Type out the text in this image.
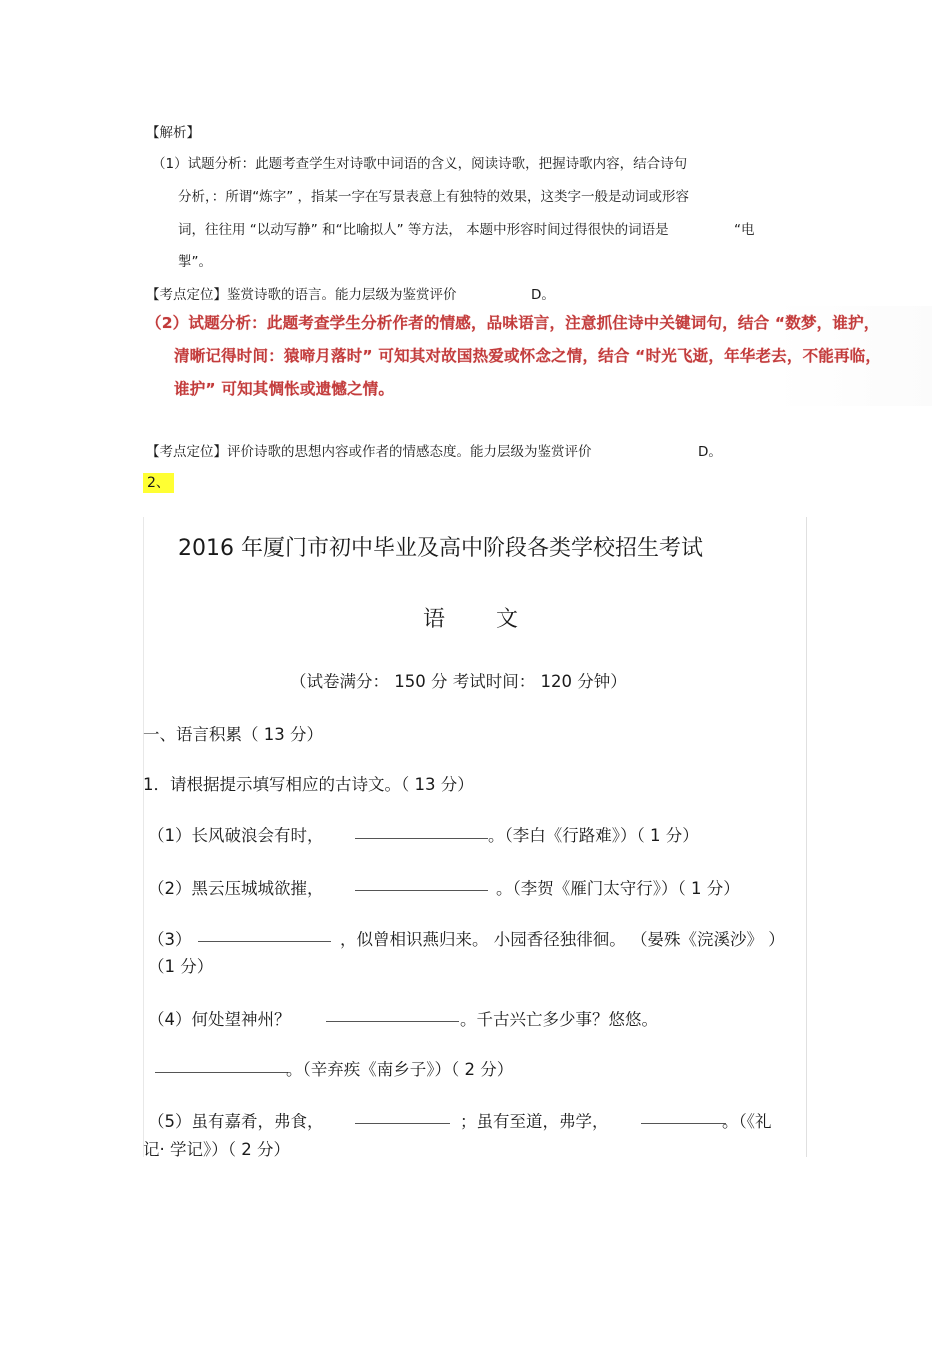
【解析】
（1）试题分析：此题考查学生对诗歌中词语的含义，阅读诗歌，把握诗歌内容，结合诗句
分析，：所谓“炼字” ，指某一字在写景表意上有独特的效果，这类字一般是动词或形容
词，往往用 “以动写静” 和“比喻拟人” 等方法， 本题中形容时间过得很快的词语是	“电
掣”。
【考点定位】鉴赏诗歌的语言。能力层级为鉴赏评价	D。
（2）试题分析：此题考查学生分析作者的情感，品味语言，注意抓住诗中关键词句，结合 “数梦，谁护，
清晰记得时间：猿啼月落时” 可知其对故国热爱或怀念之情，结合 “时光飞逝，年华老去，不能再临，
谁护” 可知其惆怅或遗憾之情。
【考点定位】评价诗歌的思想内容或作者的情感态度。能力层级为鉴赏评价	D。
2、
2016 年厦门市初中毕业及高中阶段各类学校招生考试
语 文
（试卷满分： 150 分 考试时间： 120 分钟）
一、语言积累（ 13 分）
1．请根据提示填写相应的古诗文。（ 13 分）
（1）长风破浪会有时，	。（李白《行路难》）（ 1 分）
（2）黑云压城城欲摧，	。（李贺《雁门太守行》）（ 1 分）
（3）	，似曾相识燕归来。 小园香径独徘徊。 （晏殊《浣溪沙》 ）
（1 分）
（4）何处望神州？	。千古兴亡多少事？悠悠。
。（辛弃疾《南乡子》）（ 2 分）
（5）虽有嘉肴，弗食，	；虽有至道，弗学，	。（《礼
记· 学记》）（ 2 分）
